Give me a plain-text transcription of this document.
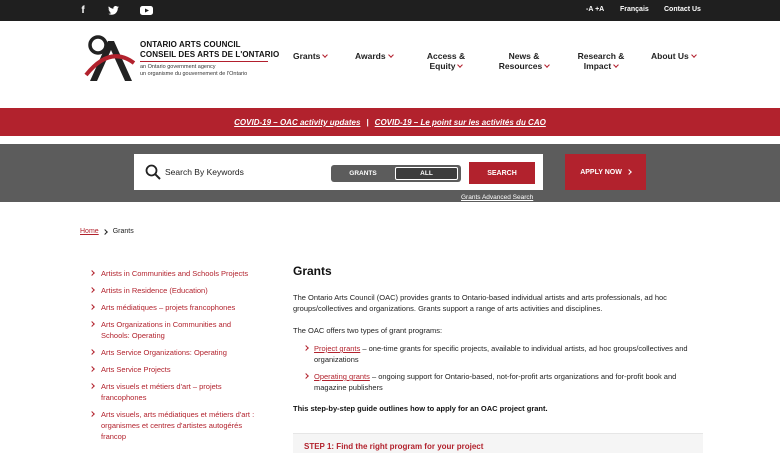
f	-A +A Français Contact Us
ONTARIO ARTS COUNCIL
CONSEIL DES ARTS DE L'ONTARIO
an Ontario government agency
un organisme du gouvernement de l'Ontario
Grants	Awards	Access &
Equity
News &
Resources
Research &
Impact
About Us
COVID-19 – OAC activity updates | COVID-19 – Le point sur les activités du CAO
Search By Keywords
GRANTS	ALL	SEARCH
Grants Advanced Search
APPLY NOW
Home Grants
Artists in Communities and Schools Projects
Artists in Residence (Education)
Arts médiatiques – projets francophones
Arts Organizations in Communities and Schools: Operating
Arts Service Organizations: Operating
Arts Service Projects
Arts visuels et métiers d'art – projets francophones
Arts visuels, arts médiatiques et métiers d'art : organismes et centres d'artistes autogérés francop
Grants

The Ontario Arts Council (OAC) provides grants to Ontario-based individual artists and arts professionals, ad hoc groups/collectives and organizations. Grants support a range of arts activities and disciplines.

The OAC offers two types of grant programs:

Project grants – one-time grants for specific projects, available to individual artists, ad hoc groups/collectives and organizations
Operating grants – ongoing support for Ontario-based, not-for-profit arts organizations and for-profit book and magazine publishers

This step-by-step guide outlines how to apply for an OAC project grant.

STEP 1: Find the right program for your project
